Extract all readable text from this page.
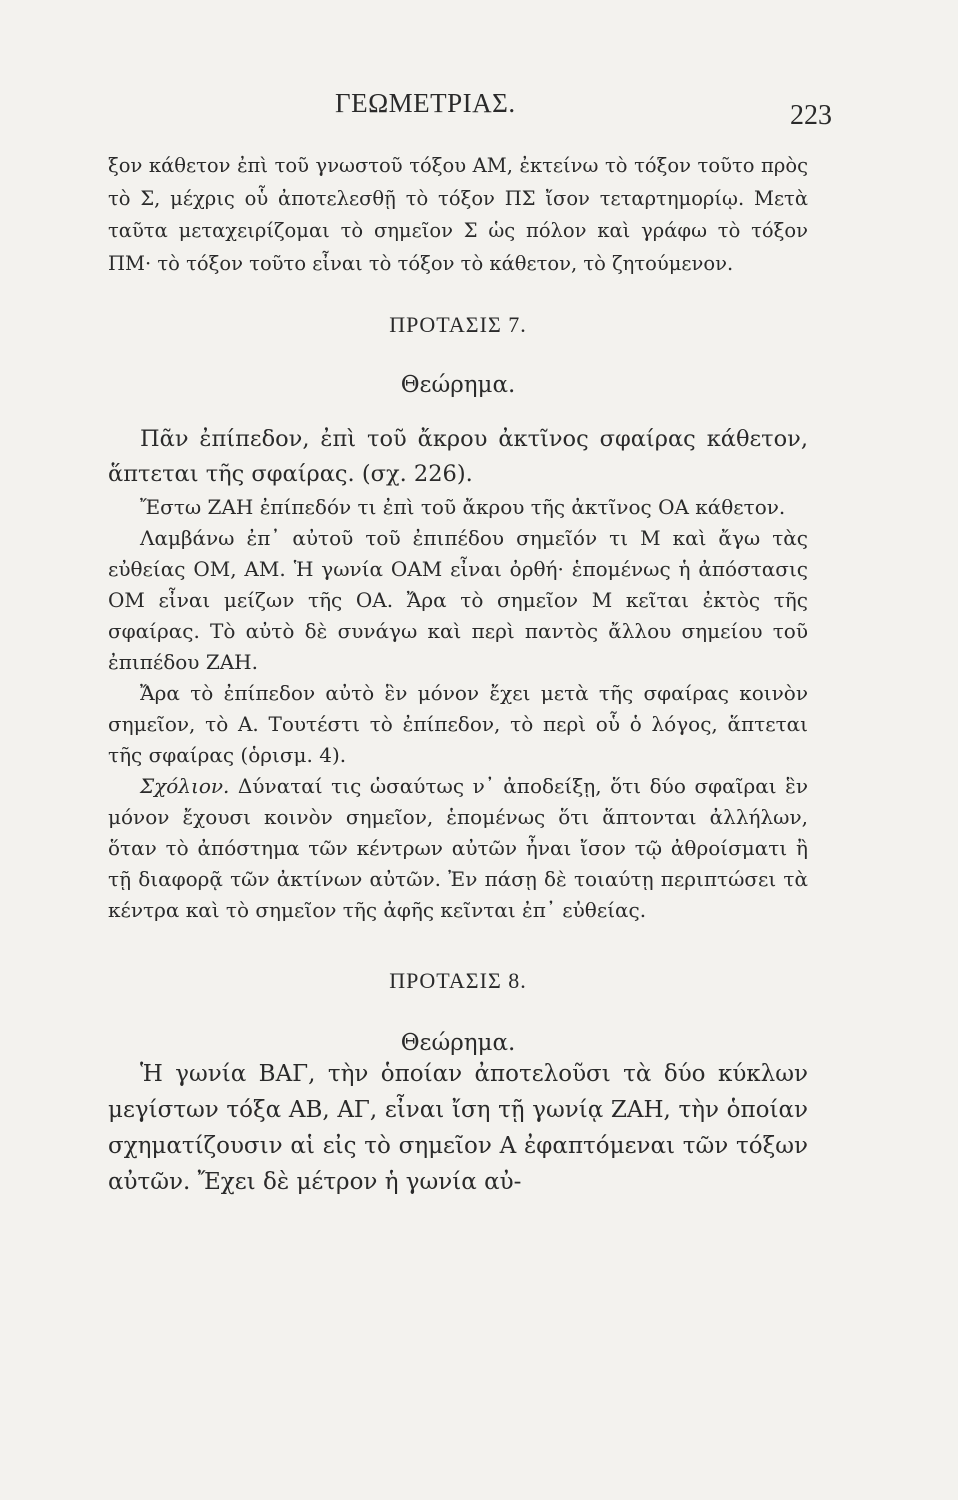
ΓΕΩΜΕΤΡΙΑΣ.	223

ξον κάθετον ἐπὶ τοῦ γνωστοῦ τόξου ΑΜ, ἐκτείνω τὸ τόξον τοῦτο πρὸς τὸ Σ, μέχρις οὗ ἀποτελεσθῇ τὸ τόξον ΠΣ ἴσον τεταρτημορίῳ. Μετὰ ταῦτα μεταχειρίζομαι τὸ σημεῖον Σ ὡς πόλον καὶ γράφω τὸ τόξον ΠΜ· τὸ τόξον τοῦτο εἶναι τὸ τόξον τὸ κάθετον, τὸ ζητούμενον.

ΠΡΟΤΑΣΙΣ 7.
Θεώρημα.

Πᾶν ἐπίπεδον, ἐπὶ τοῦ ἄκρου ἀκτῖνος σφαίρας κάθετον, ἅπτεται τῆς σφαίρας. (σχ. 226).

Ἔστω ΖΑΗ ἐπίπεδόν τι ἐπὶ τοῦ ἄκρου τῆς ἀκτῖνος ΟΑ κάθετον.

Λαμβάνω ἐπ᾽ αὐτοῦ τοῦ ἐπιπέδου σημεῖόν τι Μ καὶ ἄγω τὰς εὐθείας ΟΜ, ΑΜ. Ἡ γωνία ΟΑΜ εἶναι ὀρθή· ἑπομένως ἡ ἀπόστασις ΟΜ εἶναι μείζων τῆς ΟΑ. Ἄρα τὸ σημεῖον Μ κεῖται ἐκτὸς τῆς σφαίρας. Τὸ αὐτὸ δὲ συνάγω καὶ περὶ παντὸς ἄλλου σημείου τοῦ ἐπιπέδου ΖΑΗ.

Ἄρα τὸ ἐπίπεδον αὐτὸ ἓν μόνον ἔχει μετὰ τῆς σφαίρας κοινὸν σημεῖον, τὸ Α. Τουτέστι τὸ ἐπίπεδον, τὸ περὶ οὗ ὁ λόγος, ἅπτεται τῆς σφαίρας (ὁρισμ. 4).

Σχόλιον. Δύναταί τις ὡσαύτως ν᾽ ἀποδείξῃ, ὅτι δύο σφαῖραι ἓν μόνον ἔχουσι κοινὸν σημεῖον, ἑπομένως ὅτι ἅπτονται ἀλλήλων, ὅταν τὸ ἀπόστημα τῶν κέντρων αὐτῶν ἦναι ἴσον τῷ ἀθροίσματι ἢ τῇ διαφορᾷ τῶν ἀκτίνων αὐτῶν. Ἐν πάσῃ δὲ τοιαύτῃ περιπτώσει τὰ κέντρα καὶ τὸ σημεῖον τῆς ἀφῆς κεῖνται ἐπ᾽ εὐθείας.

ΠΡΟΤΑΣΙΣ 8.
Θεώρημα.

Ἡ γωνία ΒΑΓ, τὴν ὁποίαν ἀποτελοῦσι τὰ δύο κύκλων μεγίστων τόξα ΑΒ, ΑΓ, εἶναι ἴση τῇ γωνίᾳ ΖΑΗ, τὴν ὁποίαν σχηματίζουσιν αἱ εἰς τὸ σημεῖον Α ἐφαπτόμεναι τῶν τόξων αὐτῶν. Ἔχει δὲ μέτρον ἡ γωνία αὐ-
